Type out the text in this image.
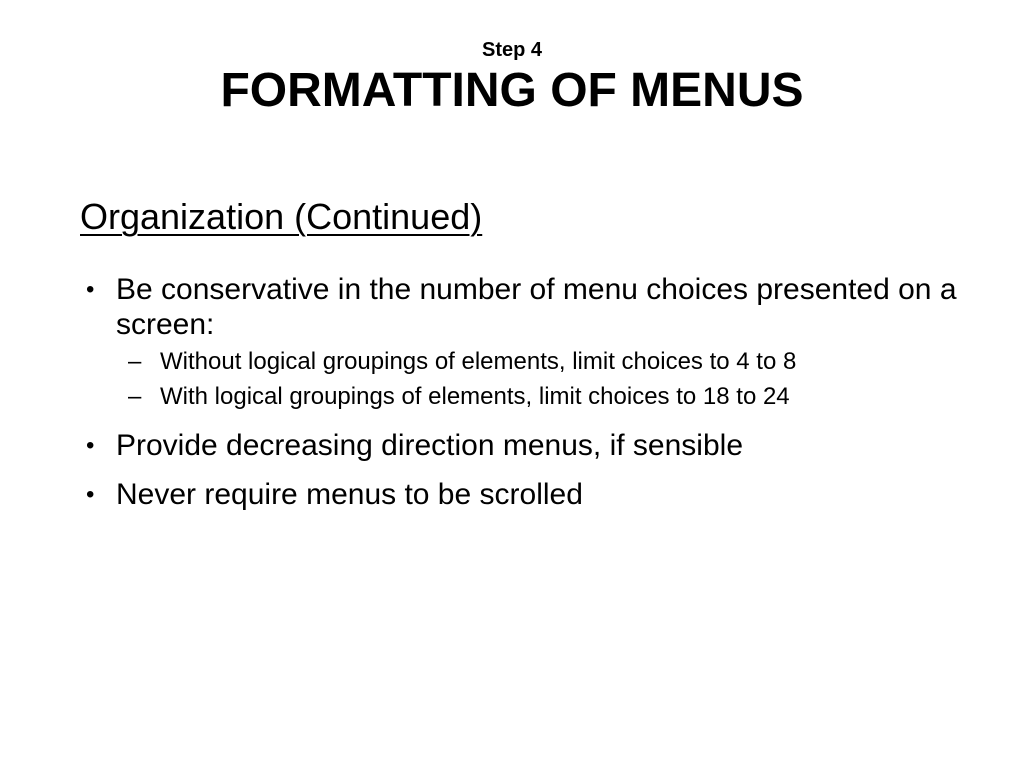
Step 4
FORMATTING OF MENUS
Organization (Continued)
• Be conservative in the number of menu choices presented on a screen:
– Without logical groupings of elements, limit choices to 4 to 8
– With logical groupings of elements, limit choices to 18 to 24
• Provide decreasing direction menus, if sensible
• Never require menus to be scrolled
